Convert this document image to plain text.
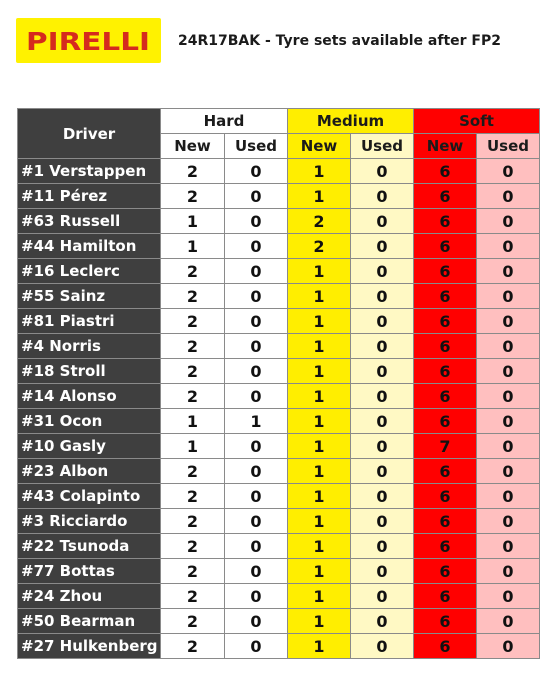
PIRELLI 24R17BAK - Tyre sets available after FP2
Driver	Hard		Medium		Soft	
	New	Used	New	Used	New	Used
#1 Verstappen	2	0	1	0	6	0
#11 Pérez	2	0	1	0	6	0
#63 Russell	1	0	2	0	6	0
#44 Hamilton	1	0	2	0	6	0
#16 Leclerc	2	0	1	0	6	0
#55 Sainz	2	0	1	0	6	0
#81 Piastri	2	0	1	0	6	0
#4 Norris	2	0	1	0	6	0
#18 Stroll	2	0	1	0	6	0
#14 Alonso	2	0	1	0	6	0
#31 Ocon	1	1	1	0	6	0
#10 Gasly	1	0	1	0	7	0
#23 Albon	2	0	1	0	6	0
#43 Colapinto	2	0	1	0	6	0
#3 Ricciardo	2	0	1	0	6	0
#22 Tsunoda	2	0	1	0	6	0
#77 Bottas	2	0	1	0	6	0
#24 Zhou	2	0	1	0	6	0
#50 Bearman	2	0	1	0	6	0
#27 Hulkenberg	2	0	1	0	6	0
